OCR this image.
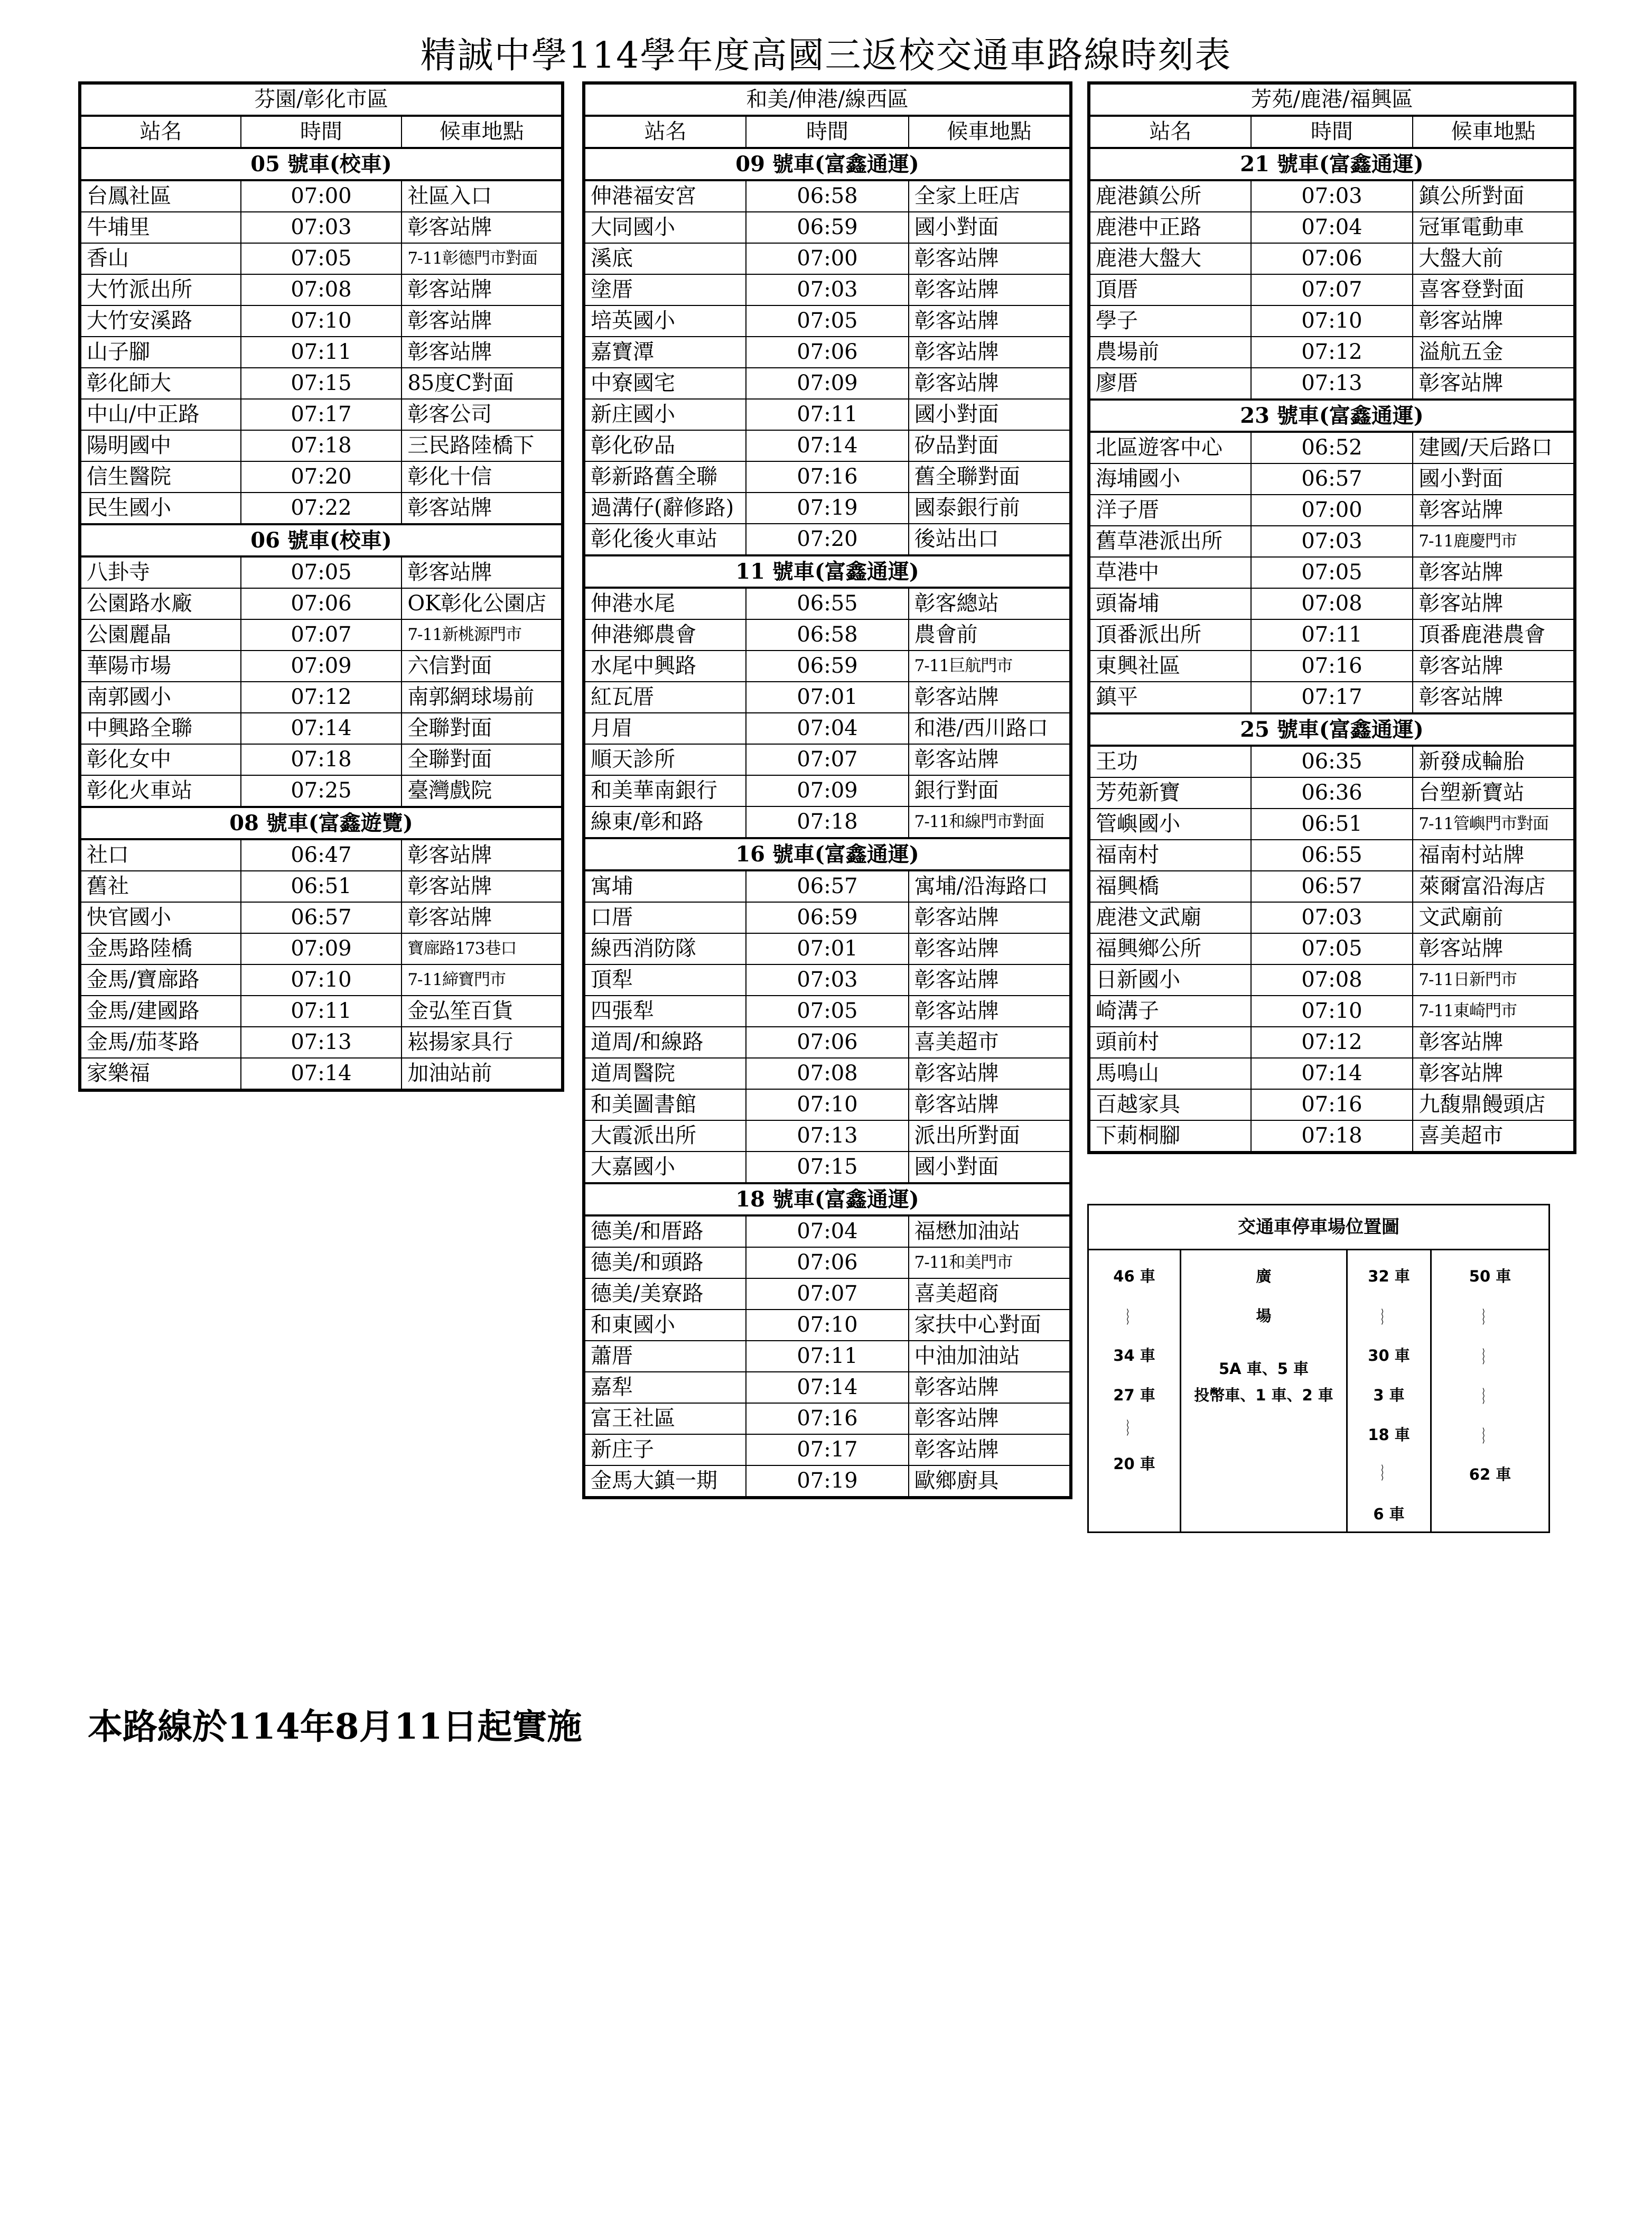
精誠中學114學年度高國三返校交通車路線時刻表
芬園/彰化市區		
站名	時間	候車地點
05 號車(校車)		
台鳳社區	07:00	社區入口
牛埔里	07:03	彰客站牌
香山	07:05	7-11彰德門市對面
大竹派出所	07:08	彰客站牌
大竹安溪路	07:10	彰客站牌
山子腳	07:11	彰客站牌
彰化師大	07:15	85度C對面
中山/中正路	07:17	彰客公司
陽明國中	07:18	三民路陸橋下
信生醫院	07:20	彰化十信
民生國小	07:22	彰客站牌
06 號車(校車)		
八卦寺	07:05	彰客站牌
公園路水廠	07:06	OK彰化公園店
公園麗晶	07:07	7-11新桃源門市
華陽市場	07:09	六信對面
南郭國小	07:12	南郭網球場前
中興路全聯	07:14	全聯對面
彰化女中	07:18	全聯對面
彰化火車站	07:25	臺灣戲院
08 號車(富鑫遊覽)		
社口	06:47	彰客站牌
舊社	06:51	彰客站牌
快官國小	06:57	彰客站牌
金馬路陸橋	07:09	寶廍路173巷口
金馬/寶廍路	07:10	7-11締寶門市
金馬/建國路	07:11	金弘笙百貨
金馬/茄苳路	07:13	崧揚家具行
家樂福	07:14	加油站前
和美/伸港/線西區		
站名	時間	候車地點
09 號車(富鑫通運)		
伸港福安宮	06:58	全家上旺店
大同國小	06:59	國小對面
溪底	07:00	彰客站牌
塗厝	07:03	彰客站牌
培英國小	07:05	彰客站牌
嘉寶潭	07:06	彰客站牌
中寮國宅	07:09	彰客站牌
新庄國小	07:11	國小對面
彰化矽品	07:14	矽品對面
彰新路舊全聯	07:16	舊全聯對面
過溝仔(辭修路)	07:19	國泰銀行前
彰化後火車站	07:20	後站出口
11 號車(富鑫通運)		
伸港水尾	06:55	彰客總站
伸港鄉農會	06:58	農會前
水尾中興路	06:59	7-11巨航門市
紅瓦厝	07:01	彰客站牌
月眉	07:04	和港/西川路口
順天診所	07:07	彰客站牌
和美華南銀行	07:09	銀行對面
線東/彰和路	07:18	7-11和線門市對面
16 號車(富鑫通運)		
寓埔	06:57	寓埔/沿海路口
口厝	06:59	彰客站牌
線西消防隊	07:01	彰客站牌
頂犁	07:03	彰客站牌
四張犁	07:05	彰客站牌
道周/和線路	07:06	喜美超市
道周醫院	07:08	彰客站牌
和美圖書館	07:10	彰客站牌
大霞派出所	07:13	派出所對面
大嘉國小	07:15	國小對面
18 號車(富鑫通運)		
德美/和厝路	07:04	福懋加油站
德美/和頭路	07:06	7-11和美門市
德美/美寮路	07:07	喜美超商
和東國小	07:10	家扶中心對面
蕭厝	07:11	中油加油站
嘉犁	07:14	彰客站牌
富王社區	07:16	彰客站牌
新庄子	07:17	彰客站牌
金馬大鎮一期	07:19	歐鄉廚具
芳苑/鹿港/福興區		
站名	時間	候車地點
21 號車(富鑫通運)		
鹿港鎮公所	07:03	鎮公所對面
鹿港中正路	07:04	冠軍電動車
鹿港大盤大	07:06	大盤大前
頂厝	07:07	喜客登對面
學子	07:10	彰客站牌
農場前	07:12	溢航五金
廖厝	07:13	彰客站牌
23 號車(富鑫通運)		
北區遊客中心	06:52	建國/天后路口
海埔國小	06:57	國小對面
洋子厝	07:00	彰客站牌
舊草港派出所	07:03	7-11鹿慶門市
草港中	07:05	彰客站牌
頭崙埔	07:08	彰客站牌
頂番派出所	07:11	頂番鹿港農會
東興社區	07:16	彰客站牌
鎮平	07:17	彰客站牌
25 號車(富鑫通運)		
王功	06:35	新發成輪胎
芳苑新寶	06:36	台塑新寶站
管嶼國小	06:51	7-11管嶼門市對面
福南村	06:55	福南村站牌
福興橋	06:57	萊爾富沿海店
鹿港文武廟	07:03	文武廟前
福興鄉公所	07:05	彰客站牌
日新國小	07:08	7-11日新門市
崎溝子	07:10	7-11東崎門市
頭前村	07:12	彰客站牌
馬鳴山	07:14	彰客站牌
百越家具	07:16	九馥鼎饅頭店
下莿桐腳	07:18	喜美超市
交通車停車場位置圖
46 車
︴
34 車
27 車
︴
20 車
廣
場
5A 車、5 車
投幣車、1 車、2 車
32 車
︴
30 車
3 車
18 車
︴
6 車
50 車
︴
︴
︴
︴
62 車
本路線於114年8月11日起實施
